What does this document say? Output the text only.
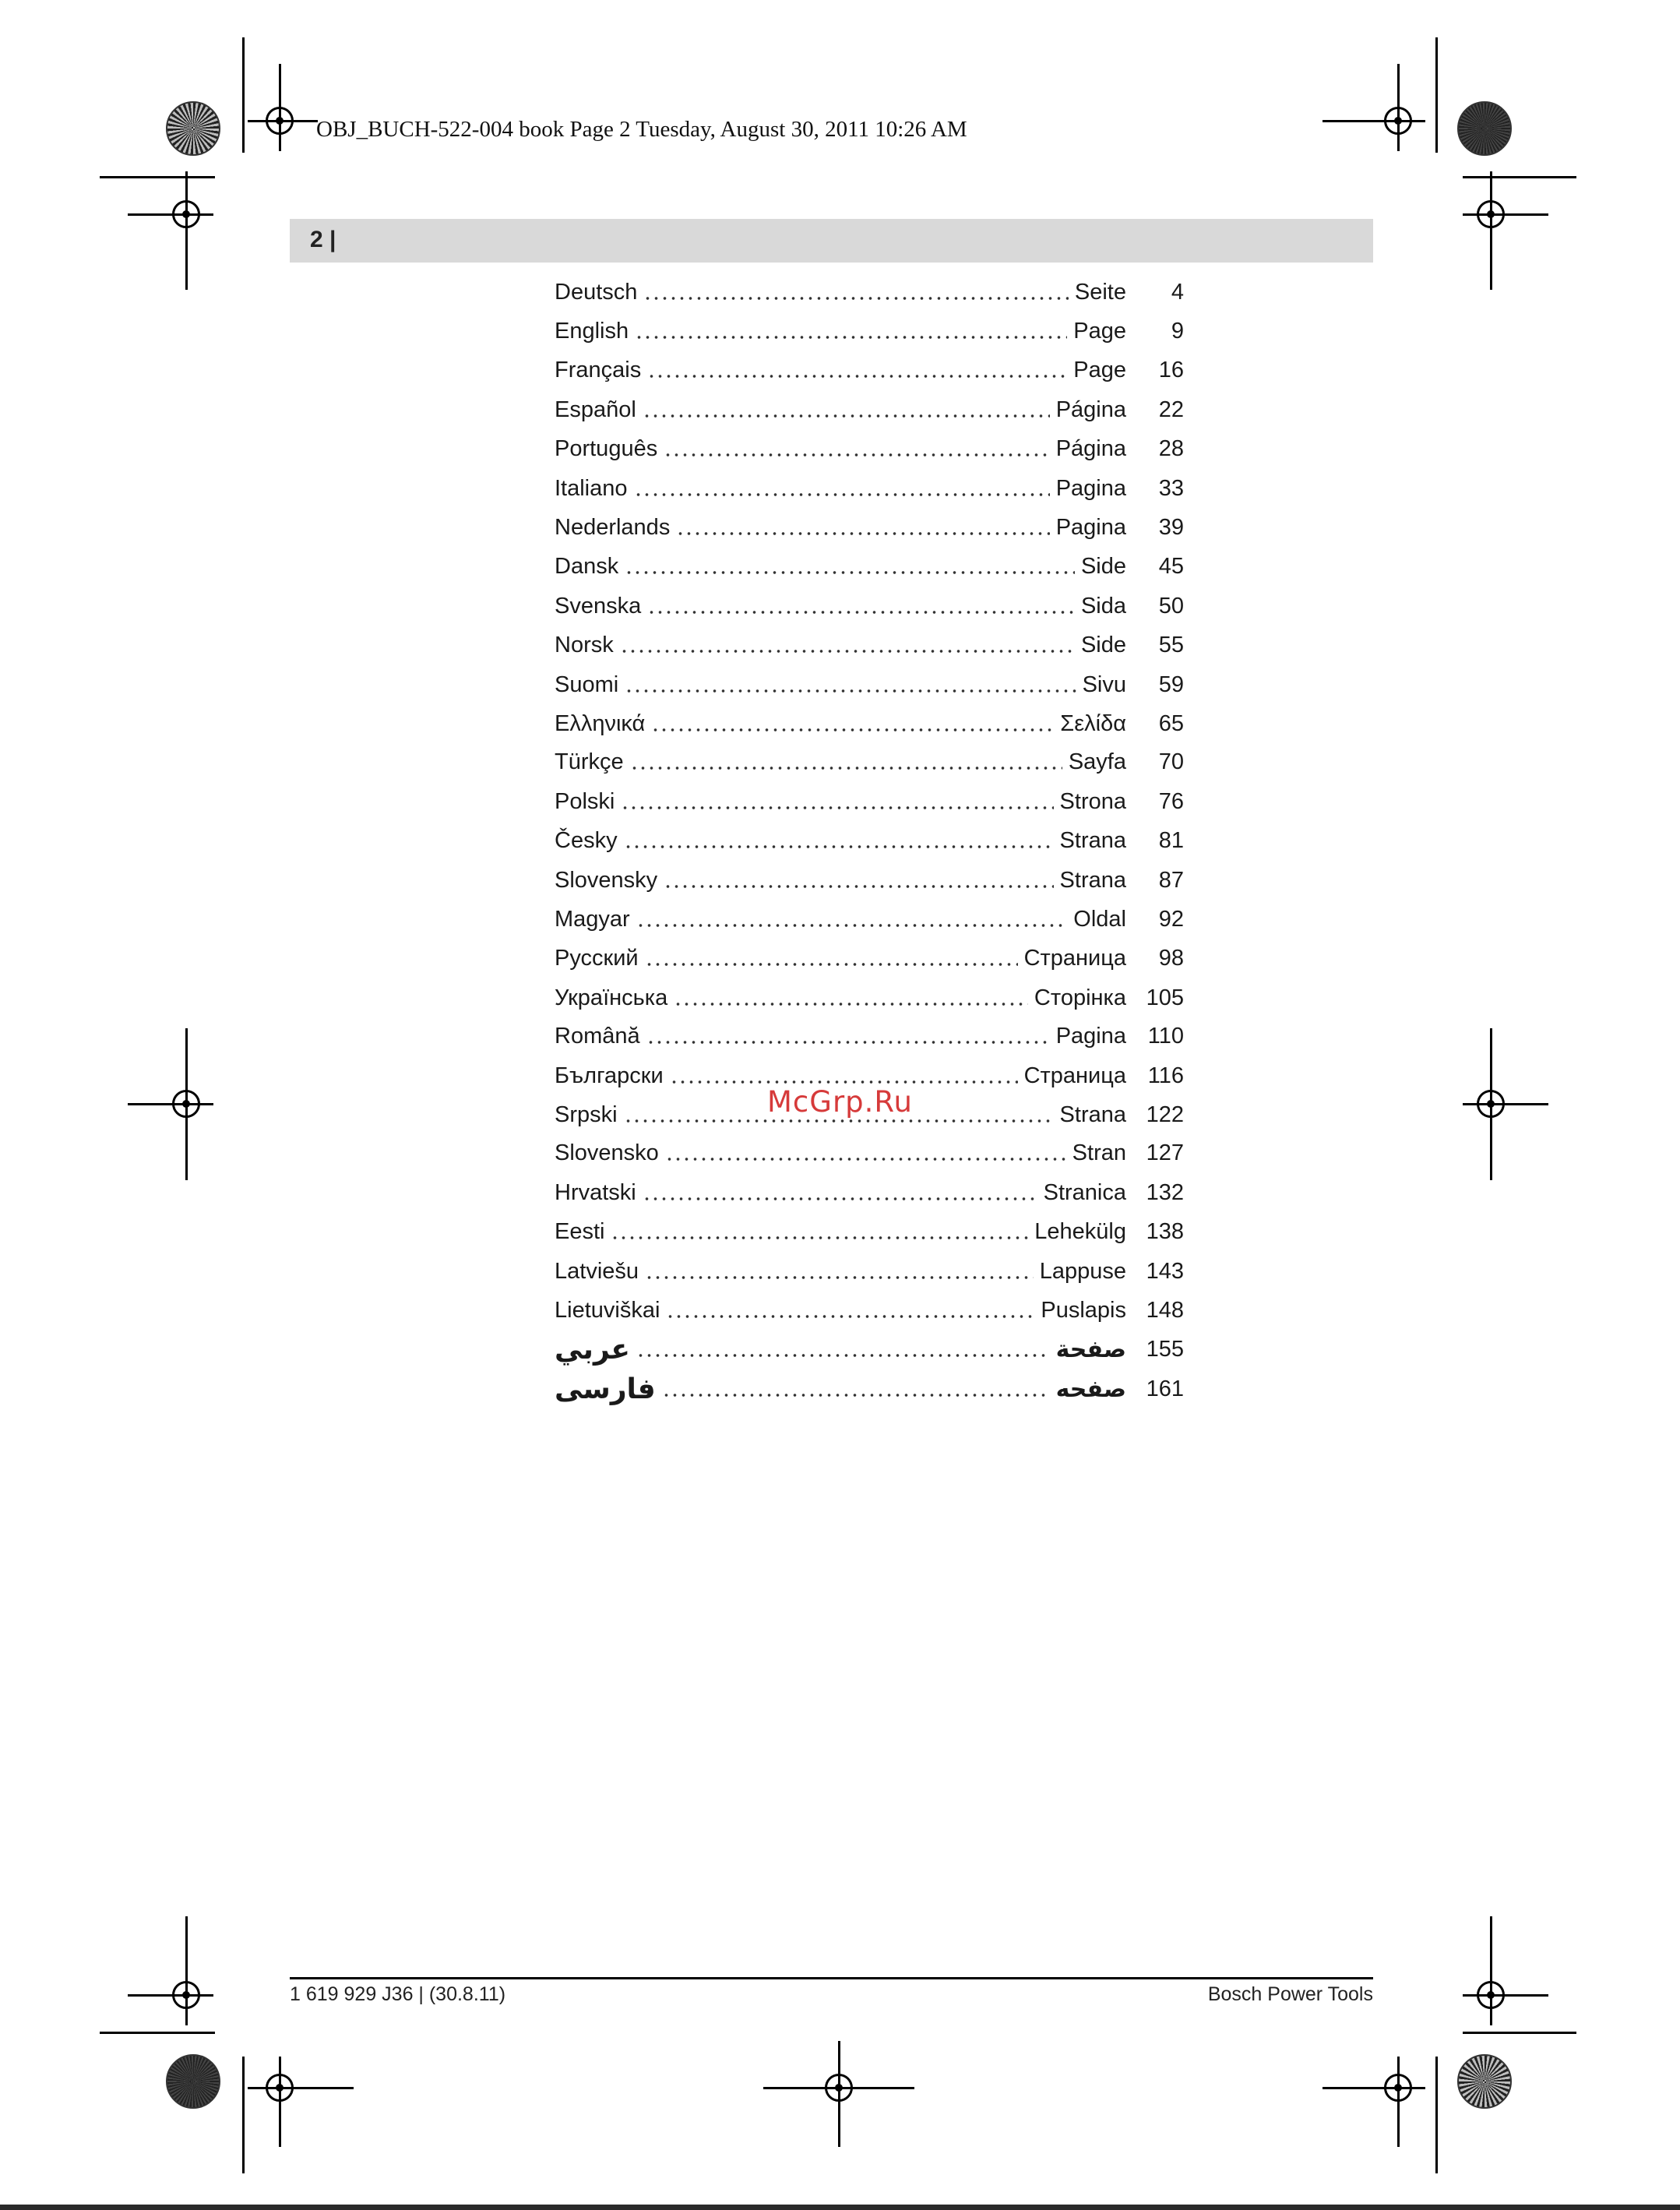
OBJ_BUCH-522-004 book Page 2 Tuesday, August 30, 2011 10:26 AM
2 |
Deutsch	Seite	4
English	Page	9
Français	Page	16
Español	Página	22
Português	Página	28
Italiano	Pagina	33
Nederlands	Pagina	39
Dansk	Side	45
Svenska	Sida	50
Norsk	Side	55
Suomi	Sivu	59
Ελληνικά	Σελίδα	65
Türkçe	Sayfa	70
Polski	Strona	76
Česky	Strana	81
Slovensky	Strana	87
Magyar	Oldal	92
Русский	Страница	98
Українська	Сторінка 105
Română	Pagina 110
Български	Страница 116
Srpski	Strana 122
Slovensko	Stran 127
Hrvatski	Stranica 132
Eesti	Lehekülg 138
Latviešu	Lappuse 143
Lietuviškai	Puslapis 148
عربي	صفحة 155
فارسی	صفحه 161
McGrp.Ru
1 619 929 J36 | (30.8.11)	Bosch Power Tools
